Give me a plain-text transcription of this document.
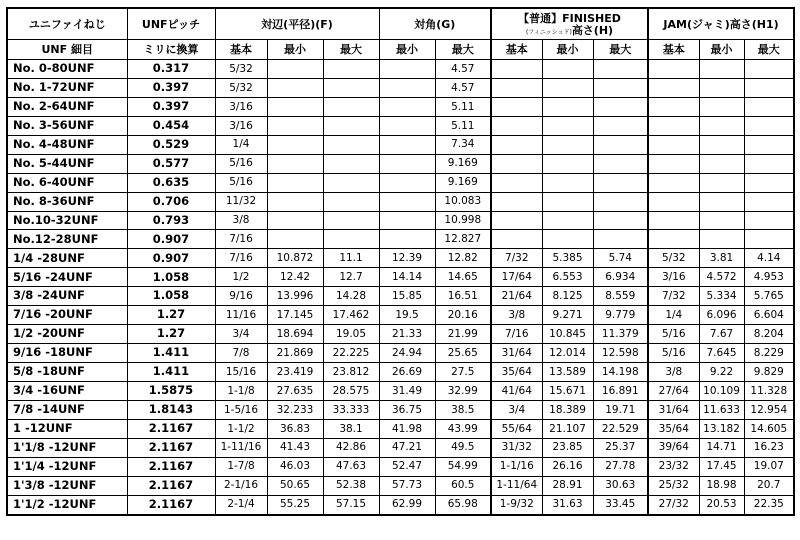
ユニファイねじ	UNFピッチ	対辺(平径)(F)			対角(G)		【普通】FINISHED
(フィニッシュド)高さ(H)			JAM(ジャミ)高さ(H1)		
UNF 細目	ミリに換算	基本	最小	最大	最小	最大	基本	最小	最大	基本	最小	最大
No. 0-80UNF	0.317	5/32				4.57						
No. 1-72UNF	0.397	5/32				4.57						
No. 2-64UNF	0.397	3/16				5.11						
No. 3-56UNF	0.454	3/16				5.11						
No. 4-48UNF	0.529	1/4				7.34						
No. 5-44UNF	0.577	5/16				9.169						
No. 6-40UNF	0.635	5/16				9.169						
No. 8-36UNF	0.706	11/32				10.083						
No.10-32UNF	0.793	3/8				10.998						
No.12-28UNF	0.907	7/16				12.827						
1/4 -28UNF	0.907	7/16	10.872	11.1	12.39	12.82	7/32	5.385	5.74	5/32	3.81	4.14
5/16 -24UNF	1.058	1/2	12.42	12.7	14.14	14.65	17/64	6.553	6.934	3/16	4.572	4.953
3/8 -24UNF	1.058	9/16	13.996	14.28	15.85	16.51	21/64	8.125	8.559	7/32	5.334	5.765
7/16 -20UNF	1.27	11/16	17.145	17.462	19.5	20.16	3/8	9.271	9.779	1/4	6.096	6.604
1/2 -20UNF	1.27	3/4	18.694	19.05	21.33	21.99	7/16	10.845	11.379	5/16	7.67	8.204
9/16 -18UNF	1.411	7/8	21.869	22.225	24.94	25.65	31/64	12.014	12.598	5/16	7.645	8.229
5/8 -18UNF	1.411	15/16	23.419	23.812	26.69	27.5	35/64	13.589	14.198	3/8	9.22	9.829
3/4 -16UNF	1.5875	1-1/8	27.635	28.575	31.49	32.99	41/64	15.671	16.891	27/64	10.109	11.328
7/8 -14UNF	1.8143	1-5/16	32.233	33.333	36.75	38.5	3/4	18.389	19.71	31/64	11.633	12.954
1 -12UNF	2.1167	1-1/2	36.83	38.1	41.98	43.99	55/64	21.107	22.529	35/64	13.182	14.605
1'1/8 -12UNF	2.1167	1-11/16	41.43	42.86	47.21	49.5	31/32	23.85	25.37	39/64	14.71	16.23
1'1/4 -12UNF	2.1167	1-7/8	46.03	47.63	52.47	54.99	1-1/16	26.16	27.78	23/32	17.45	19.07
1'3/8 -12UNF	2.1167	2-1/16	50.65	52.38	57.73	60.5	1-11/64	28.91	30.63	25/32	18.98	20.7
1'1/2 -12UNF	2.1167	2-1/4	55.25	57.15	62.99	65.98	1-9/32	31.63	33.45	27/32	20.53	22.35
